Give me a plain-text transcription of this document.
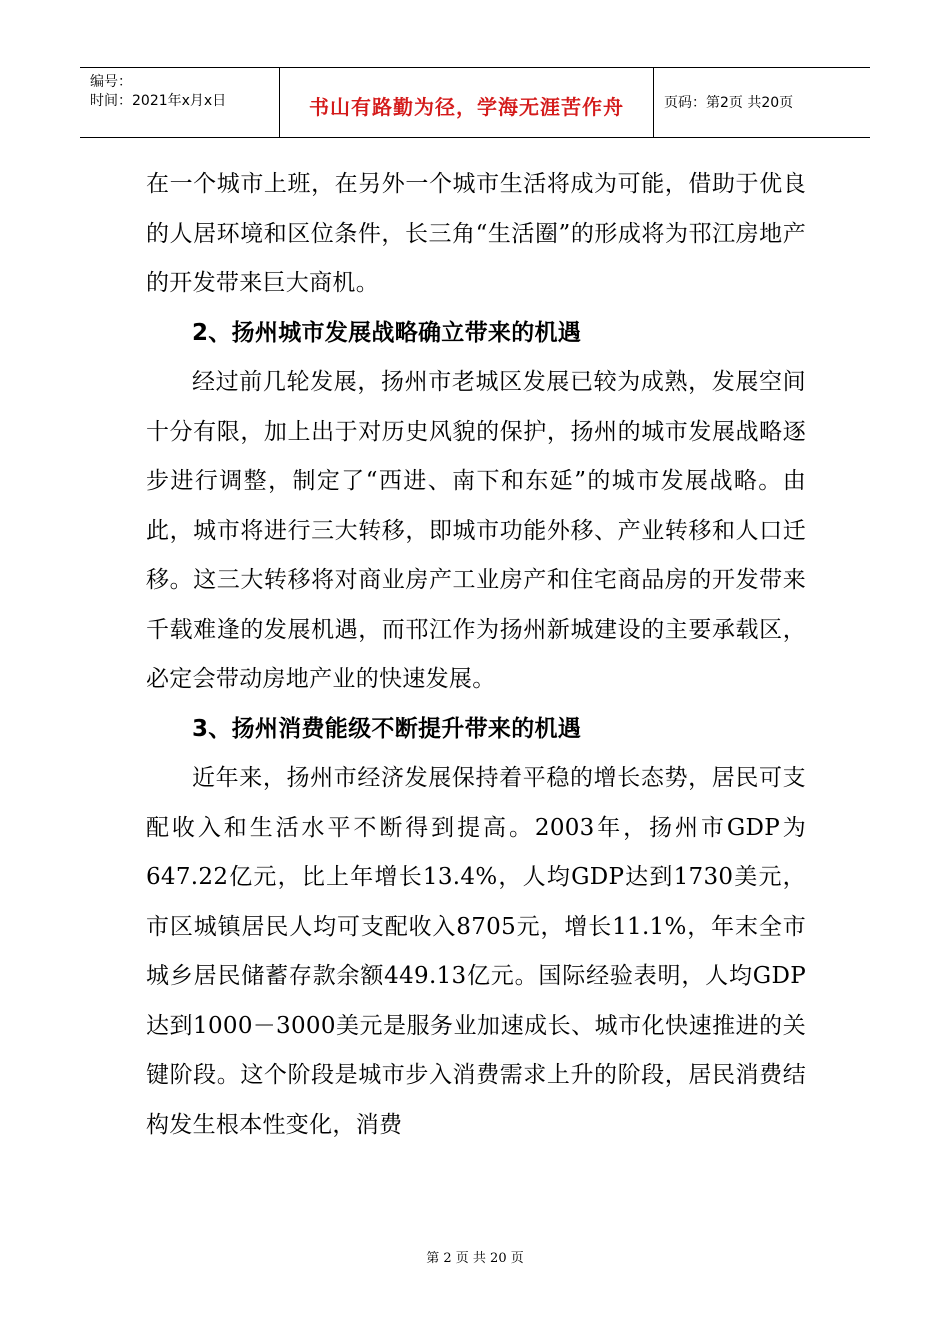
编号：
时间：2021年x月x日	书山有路勤为径，学海无涯苦作舟	页码：第2页 共20页

在一个城市上班，在另外一个城市生活将成为可能，借助于优良的人居环境和区位条件，长三角“生活圈”的形成将为邗江房地产的开发带来巨大商机。

2、扬州城市发展战略确立带来的机遇

经过前几轮发展，扬州市老城区发展已较为成熟，发展空间十分有限，加上出于对历史风貌的保护，扬州的城市发展战略逐步进行调整，制定了“西进、南下和东延”的城市发展战略。由此，城市将进行三大转移，即城市功能外移、产业转移和人口迁移。这三大转移将对商业房产工业房产和住宅商品房的开发带来千载难逢的发展机遇，而邗江作为扬州新城建设的主要承载区，必定会带动房地产业的快速发展。

3、扬州消费能级不断提升带来的机遇

近年来，扬州市经济发展保持着平稳的增长态势，居民可支配收入和生活水平不断得到提高。2003年，扬州市GDP为647.22亿元，比上年增长13.4%，人均GDP达到1730美元，市区城镇居民人均可支配收入8705元，增长11.1%，年末全市城乡居民储蓄存款余额449.13亿元。国际经验表明，人均GDP达到1000－3000美元是服务业加速成长、城市化快速推进的关键阶段。这个阶段是城市步入消费需求上升的阶段，居民消费结构发生根本性变化，消费

第 2 页 共 20 页
